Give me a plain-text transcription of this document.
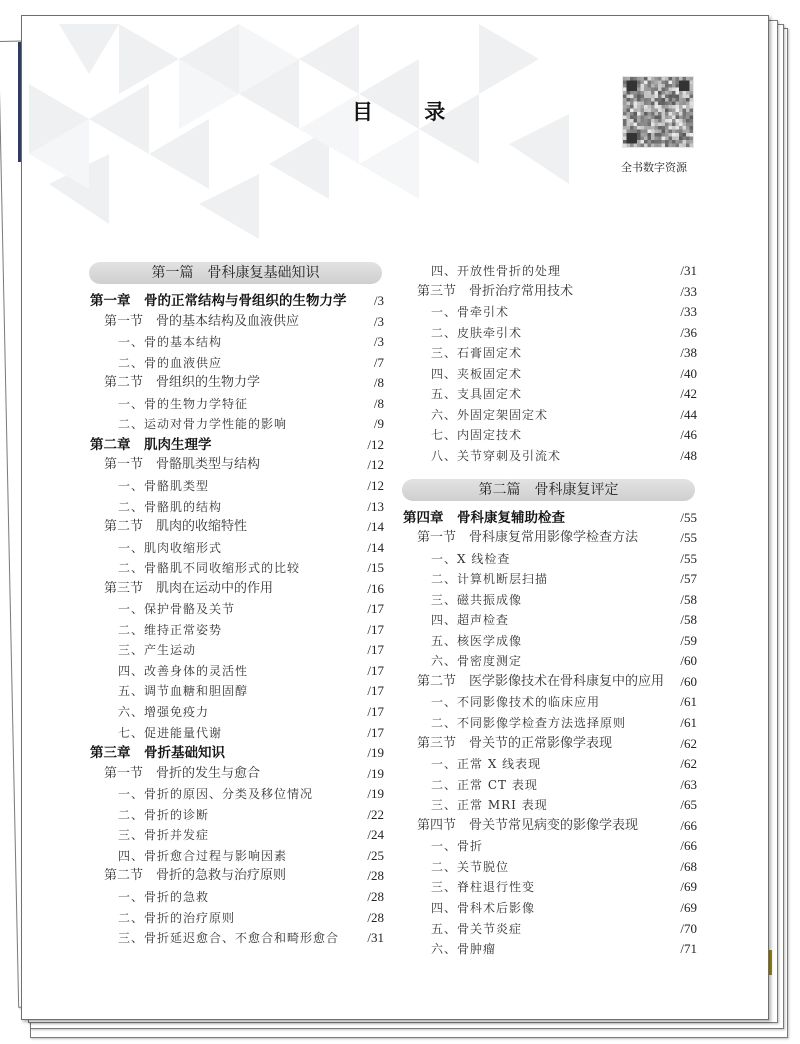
目 录
全书数字资源
第一篇　骨科康复基础知识
第一章　骨的正常结构与骨组织的生物力学 /3
第一节　骨的基本结构及血液供应	/3
一、骨的基本结构	/3
二、骨的血液供应	/7
第二节　骨组织的生物力学	/8
一、骨的生物力学特征	/8
二、运动对骨力学性能的影响	/9
第二章　肌肉生理学	/12
第一节　骨骼肌类型与结构	/12
一、骨骼肌类型	/12
二、骨骼肌的结构	/13
第二节　肌肉的收缩特性	/14
一、肌肉收缩形式	/14
二、骨骼肌不同收缩形式的比较	/15
第三节　肌肉在运动中的作用	/16
一、保护骨骼及关节	/17
二、维持正常姿势	/17
三、产生运动	/17
四、改善身体的灵活性	/17
五、调节血糖和胆固醇	/17
六、增强免疫力	/17
七、促进能量代谢	/17
第三章　骨折基础知识	/19
第一节　骨折的发生与愈合	/19
一、骨折的原因、分类及移位情况	/19
二、骨折的诊断	/22
三、骨折并发症	/24
四、骨折愈合过程与影响因素	/25
第二节　骨折的急救与治疗原则	/28
一、骨折的急救	/28
二、骨折的治疗原则	/28
三、骨折延迟愈合、不愈合和畸形愈合 /31
四、开放性骨折的处理	/31
第三节　骨折治疗常用技术	/33
一、骨牵引术	/33
二、皮肤牵引术	/36
三、石膏固定术	/38
四、夹板固定术	/40
五、支具固定术	/42
六、外固定架固定术	/44
七、内固定技术	/46
八、关节穿刺及引流术	/48
第二篇　骨科康复评定
第四章　骨科康复辅助检查	/55
第一节　骨科康复常用影像学检查方法	/55
一、X 线检查	/55
二、计算机断层扫描	/57
三、磁共振成像	/58
四、超声检查	/58
五、核医学成像	/59
六、骨密度测定	/60
第二节　医学影像技术在骨科康复中的应用 /60
一、不同影像技术的临床应用	/61
二、不同影像学检查方法选择原则	/61
第三节　骨关节的正常影像学表现	/62
一、正常 X 线表现	/62
二、正常 CT 表现	/63
三、正常 MRI 表现	/65
第四节　骨关节常见病变的影像学表现	/66
一、骨折	/66
二、关节脱位	/68
三、脊柱退行性变	/69
四、骨科术后影像	/69
五、骨关节炎症	/70
六、骨肿瘤	/71
